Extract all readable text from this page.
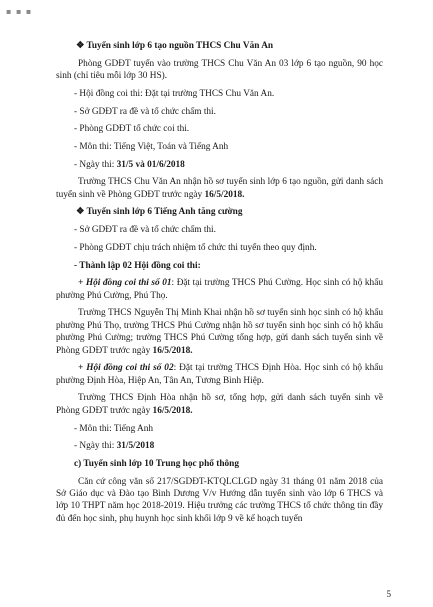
▪ ▪ ▪

❖ Tuyển sinh lớp 6 tạo nguồn THCS Chu Văn An

Phòng GDĐT tuyển vào trường THCS Chu Văn An 03 lớp 6 tạo nguồn, 90 học sinh (chỉ tiêu mỗi lớp 30 HS).

- Hội đồng coi thi: Đặt tại trường THCS Chu Văn An.

- Sở GDĐT ra đề và tổ chức chấm thi.

- Phòng GDĐT tổ chức coi thi.

- Môn thi: Tiếng Việt, Toán và Tiếng Anh

- Ngày thi: 31/5 và 01/6/2018

Trường THCS Chu Văn An nhận hồ sơ tuyển sinh lớp 6 tạo nguồn, gửi danh sách tuyển sinh về Phòng GDĐT trước ngày 16/5/2018.

❖ Tuyển sinh lớp 6 Tiếng Anh tăng cường

- Sở GDĐT ra đề và tổ chức chấm thi.

- Phòng GDĐT chịu trách nhiệm tổ chức thi tuyển theo quy định.

- Thành lập 02 Hội đồng coi thi:

+ Hội đồng coi thi số 01: Đặt tại trường THCS Phú Cường. Học sinh có hộ khẩu phường Phú Cường, Phú Thọ.

Trường THCS Nguyễn Thị Minh Khai nhận hồ sơ tuyển sinh học sinh có hộ khẩu phường Phú Thọ, trường THCS Phú Cường nhận hồ sơ tuyển sinh học sinh có hộ khẩu phường Phú Cường; trường THCS Phú Cường tổng hợp, gửi danh sách tuyển sinh về Phòng GDĐT trước ngày 16/5/2018.

+ Hội đồng coi thi số 02: Đặt tại trường THCS Định Hòa. Học sinh có hộ khẩu phường Định Hòa, Hiệp An, Tân An, Tương Bình Hiệp.

Trường THCS Định Hòa nhận hồ sơ, tổng hợp, gửi danh sách tuyển sinh về Phòng GDĐT trước ngày 16/5/2018.

- Môn thi: Tiếng Anh

- Ngày thi: 31/5/2018

c) Tuyển sinh lớp 10 Trung học phổ thông

Căn cứ công văn số 217/SGDĐT-KTQLCLGD ngày 31 tháng 01 năm 2018 của Sở Giáo dục và Đào tạo Bình Dương V/v Hướng dẫn tuyển sinh vào lớp 6 THCS và lớp 10 THPT năm học 2018-2019. Hiệu trưởng các trường THCS tổ chức thông tin đầy đủ đến học sinh, phụ huynh học sinh khối lớp 9 về kế hoạch tuyển

5
